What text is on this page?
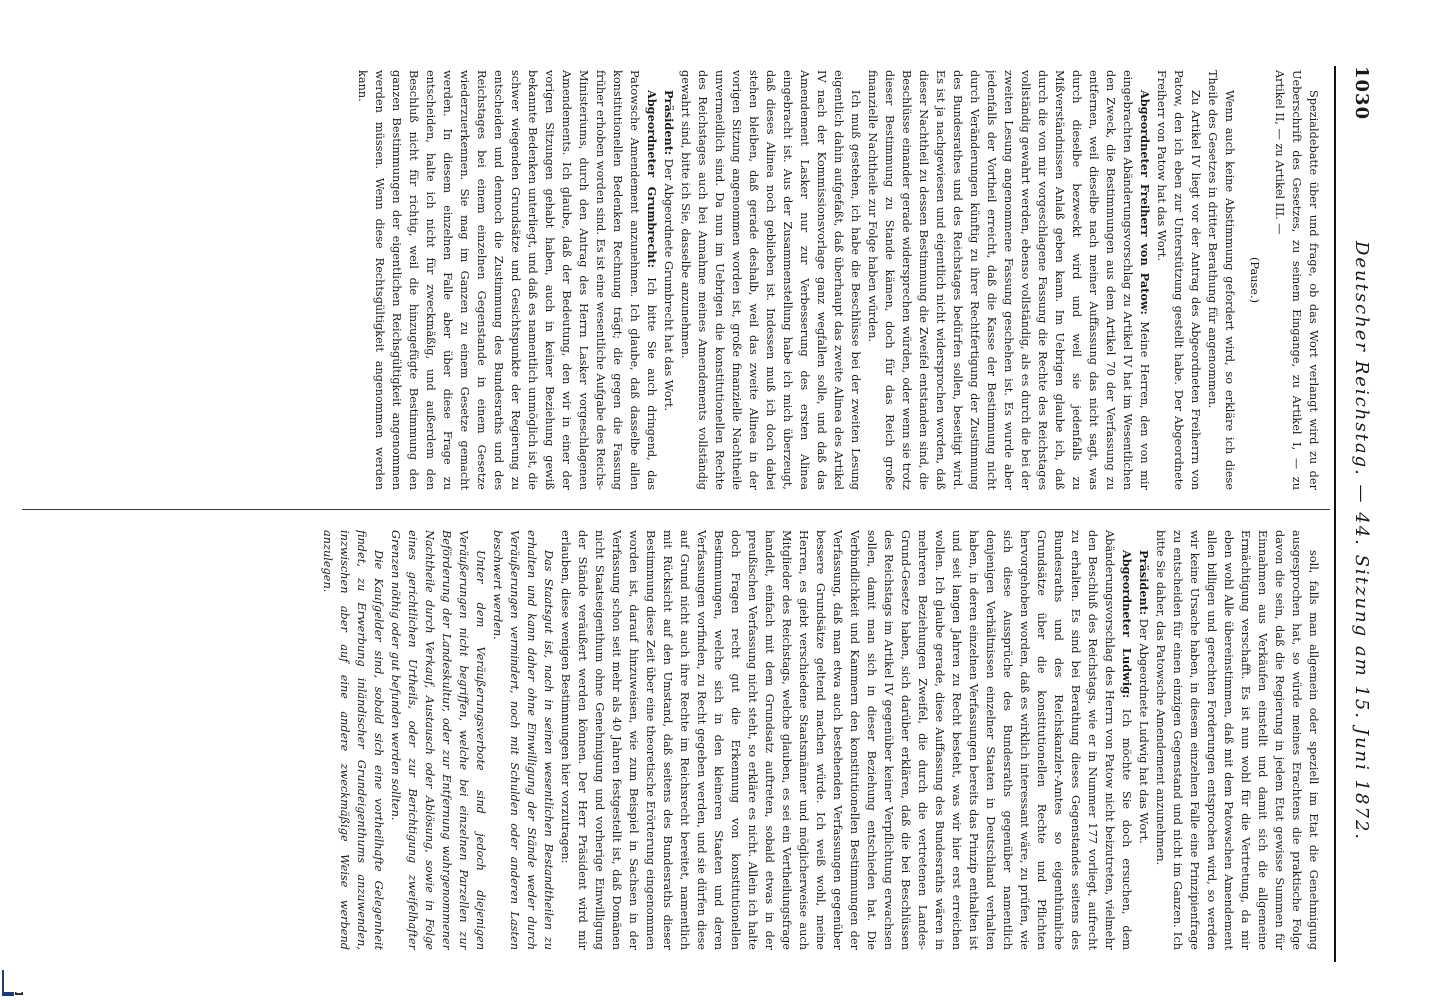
1030
Deutscher Reichstag. — 44. Sitzung am 15. Juni 1872.

Spezialdebatte über und frage, ob das Wort verlangt wird zu der Ueberschrift des Gesetzes, zu seinem Eingange, zu Artikel I, — zu Artikel II, — zu Artikel III. —

(Pause.)

Wenn auch keine Abstimmung gefordert wird, so erkläre ich diese Theile des Gesetzes in dritter Berathung für angenommen.

Zu Artikel IV liegt vor der Antrag des Abgeordneten Freiherrn von Patow, den ich eben zur Unterstützung gestellt habe. Der Abgeordnete Freiherr von Patow hat das Wort.

Abgeordneter Freiherr von Patow: Meine Herren, den von mir eingebrachten Abänderungsvorschlag zu Artikel IV hat im Wesentlichen den Zweck, die Bestimmungen aus dem Artikel 70 der Verfassung zu entfernen, weil dieselbe nach meiner Auffassung das nicht sagt, was durch dieselbe bezweckt wird und weil sie jedenfalls zu Mißverständnissen Anlaß geben kann. Im Uebrigen glaube ich, daß durch die von mir vorgeschlagene Fassung die Rechte des Reichstages vollständig gewahrt werden, ebenso vollständig, als es durch die bei der zweiten Lesung angenommene Fassung geschehen ist. Es wurde aber jedenfalls der Vortheil erreicht, daß die Kasse der Bestimmung nicht durch Veränderungen künftig zu ihrer Rechtfertigung der Zustimmung des Bundesrathes und des Reichstages bedürfen sollen, beseitigt wird. Es ist ja nachgewiesen und eigentlich nicht widersprochen worden, daß dieser Nachtheil zu dessen Bestimmung die Zweifel entstanden sind, die Beschlüsse einander gerade widersprechen würden, oder wenn sie trotz dieser Bestimmung zu Stande kämen, doch für das Reich große finanzielle Nachtheile zur Folge haben würden.

Ich muß gestehen, ich habe die Beschlüsse bei der zweiten Lesung eigentlich dahin aufgefaßt, daß überhaupt das zweite Alinea des Artikel IV nach der Kommissionsvorlage ganz wegfallen solle, und daß das Amendement Lasker nur zur Verbesserung des ersten Alinea eingebracht ist. Aus der Zusammenstellung habe ich mich überzeugt, daß dieses Alinea noch geblieben ist. Indessen muß ich doch dabei stehen bleiben, daß gerade deshalb, weil das zweite Alinea in der vorigen Sitzung angenommen worden ist, große finanzielle Nachtheile unvermeidlich sind. Da nun im Uebrigen die konstitutionellen Rechte des Reichstages auch bei Annahme meines Amendements vollständig gewahrt sind, bitte ich Sie, dasselbe anzunehmen.

Präsident: Der Abgeordnete Grumbrecht hat das Wort.

Abgeordneter Grumbrecht: Ich bitte Sie auch dringend, das Patowsche Amendement anzunehmen. Ich glaube, daß dasselbe allen konstitutionellen Bedenken Rechnung trägt; die gegen die Fassung früher erhoben worden sind. Es ist eine wesentliche Aufgabe des Reichs-Ministeriums, durch den Antrag des Herrn Lasker vorgeschlagenen Amendements. Ich glaube, daß der Bedeutung, den wir in einer der vorigen Sitzungen gehabt haben, auch in keiner Beziehung gewiß bekannte Bedenken unterliegt, und daß es namentlich unmöglich ist, die schwer wiegenden Grundsätze und Gesichtspunkte der Regierung zu entscheiden und dennoch die Zustimmung des Bundesraths und des Reichstages bei einem einzelnen Gegenstande in einem Gesetze wiederzuerkennen. Sie mag im Ganzen zu einem Gesetze gemacht werden. In diesem einzelnen Falle aber über diese Frage zu entscheiden, halte ich nicht für zweckmäßig, und außerdem den Beschluß nicht für richtig, weil die hinzugefügte Bestimmung den ganzen Bestimmungen der eigentlichen Reichsgültigkeit angenommen werden müssen. Wenn diese Rechtsgültigkeit angenommen werden kann.

soll, falls man allgemein oder speziell im Etat die Genehmigung ausgesprochen hat, so würde meines Erachtens die praktische Folge davon die sein, daß die Regierung in jedem Etat gewisse Summen für Einnahmen aus Verkäufen einstellt und damit sich die allgemeine Ermächtigung verschafft. Es ist nun wohl für die Vertretung, da mir eben wohl Alle übereinstimmen, daß mit dem Patowschen Amendement allen billigen und gerechten Forderungen entsprochen wird, so werden wir keine Ursache haben, in diesem einzelnen Falle eine Prinzipienfrage zu entscheiden für einen einzigen Gegenstand und nicht im Ganzen. Ich bitte Sie daher, das Patowsche Amendement anzunehmen.

Präsident: Der Abgeordnete Ludwig hat das Wort.

Abgeordneter Ludwig: Ich möchte Sie doch ersuchen, dem Abänderungsvorschlag des Herrn von Patow nicht beizutreten, vielmehr den Beschluß des Reichstags, wie er in Nummer 177 vorliegt, aufrecht zu erhalten. Es sind bei Berathung dieses Gegenstandes seitens des Bundesraths und des Reichskanzler-Amtes so eigenthümliche Grundsätze über die konstitutionellen Rechte und Pflichten hervorgehoben worden, daß es wirklich interessant wäre, zu prüfen, wie sich diese Aussprüche des Bundesraths gegenüber namentlich denjenigen Verhältnissen einzelner Staaten in Deutschland verhalten haben, in deren einzelnen Verfassungen bereits das Prinzip enthalten ist und seit langen Jahren zu Recht besteht, was wir hier erst erreichen wollen. Ich glaube gerade, diese Auffassung des Bundesraths wären in mehreren Beziehungen Zweifel, die durch die vertretenen Landes-Grund-Gesetze haben, sich darüber erklären, daß die bei Beschlüssen des Reichstags im Artikel IV gegenüber keiner Verpflichtung erwachsen sollen, damit man sich in dieser Beziehung entschieden hat. Die Verbindlichkeit und Kammern den konstitutionellen Bestimmungen der Verfassung, daß man etwa auch bestehenden Verfassungen gegenüber bessere Grundsätze geltend machen würde. Ich weiß wohl, meine Herren, es giebt verschiedene Staatsmänner und möglicherweise auch Mitglieder des Reichstags, welche glauben, es sei ein Vertheilungsfrage handelt, einfach mit dem Grundsatz auftreten, sobald etwas in der preußischen Verfassung nicht steht, so erkläre es nicht. Allein ich halte doch Fragen recht gut die Erkennung von konstitutionellen Bestimmungen, welche sich in den kleineren Staaten und deren Verfassungen vorfinden, zu Recht gegeben werden, und sie dürfen diese auf Grund nicht auch ihre Rechte im Reichsrecht bereitet, namentlich mit Rücksicht auf den Umstand, daß seitens des Bundesraths dieser Bestimmung diese Zeit über eine theoretische Erörterung eingenommen worden ist, darauf hinzuweisen, wie zum Beispiel in Sachsen in der Verfassung schon seit mehr als 40 Jahren festgestellt ist, daß Domänen nicht Staatseigenthum ohne Genehmigung und vorherige Einwilligung der Stände veräußert werden können. Der Herr Präsident wird mir erlauben, diese wenigen Bestimmungen hier vorzutragen:

Das Staatsgut ist, nach in seinen wesentlichen Bestandtheilen zu erhalten und kann daher ohne Einwilligung der Stände weder durch Veräußerungen vermindert, noch mit Schulden oder anderen Lasten beschwert werden.

Unter dem Veräußerungsverbote sind jedoch diejenigen Veräußerungen nicht begriffen, welche bei einzelnen Parzellen zur Beförderung der Landeskultur, oder zur Entfernung wahrgenommener Nachtheile durch Verkauf, Austausch oder Ablösung, sowie in Folge eines gerichtlichen Urtheils, oder zur Berichtigung zweifelhafter Grenzen nöthig oder gut befunden werden sollten.

Die Kaufgelder sind, sobald sich eine vortheilhafte Gelegenheit findet, zu Erwerbung inländischer Grundeigenthums anzuwenden, inzwischen aber auf eine andere zweckmäßige Weise werbend anzulegen.
